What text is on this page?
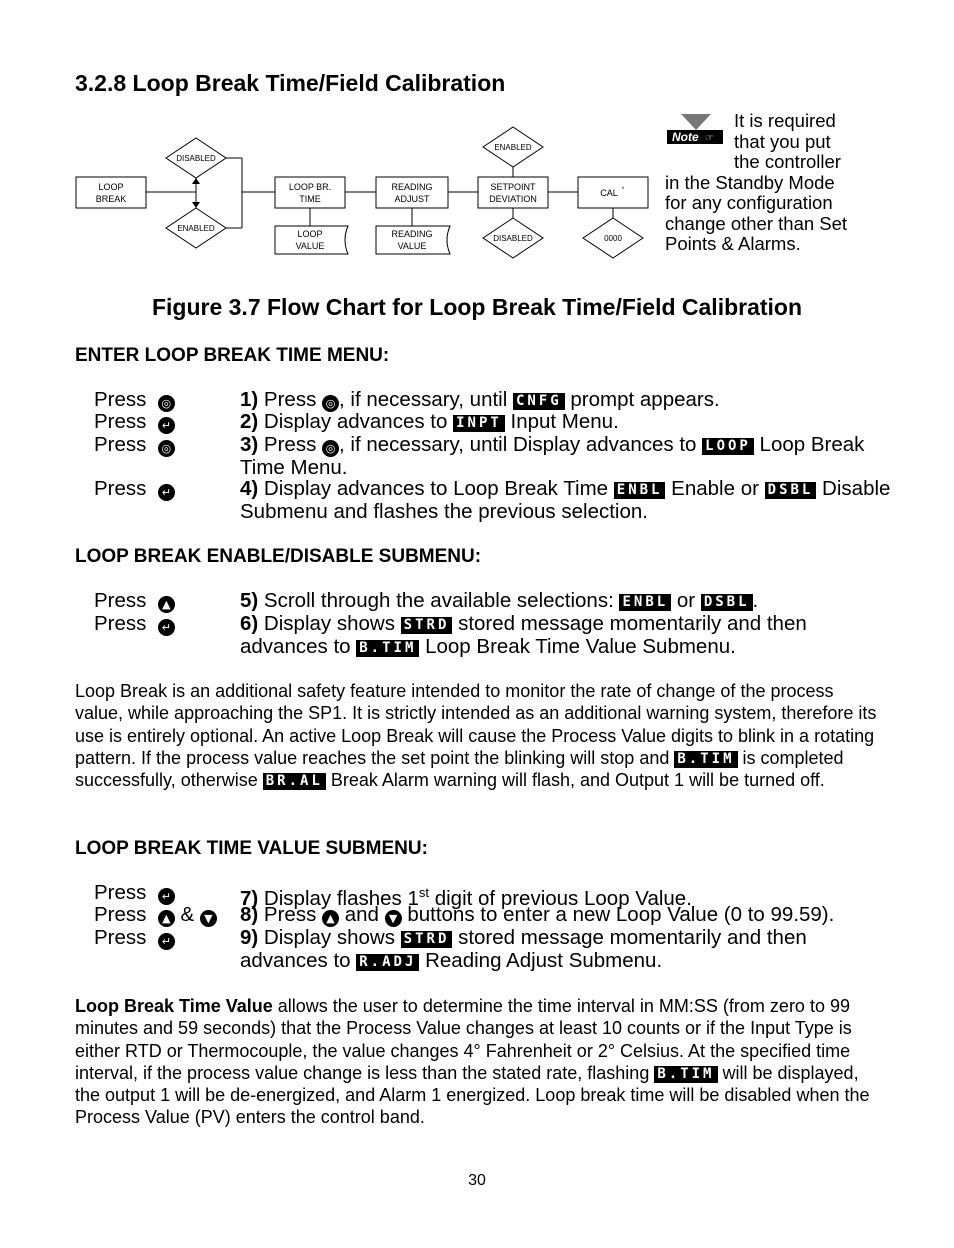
3.2.8 Loop Break Time/Field Calibration
LOOP
BREAK
DISABLED
ENABLED
LOOP BR.
TIME
LOOP
VALUE
READING
ADJUST
READING
VALUE
SETPOINT
DEVIATION
ENABLED
DISABLED
CAL *
0000
Note ☞
It is required
that you put
the controller
in the Standby Mode
for any configuration
change other than Set
Points & Alarms.
Figure 3.7 Flow Chart for Loop Break Time/Field Calibration
ENTER LOOP BREAK TIME MENU:
Press ◎
Press ↵
Press ◎
Press ↵
1) Press ◎ , if necessary, until CNFG prompt appears.
2) Display advances to INPT Input Menu.
3) Press ◎ , if necessary, until Display advances to LOOP Loop Break Time Menu.
4) Display advances to Loop Break Time ENBL Enable or DSBL Disable Submenu and flashes the previous selection.
LOOP BREAK ENABLE/DISABLE SUBMENU:
Press ▲
Press ↵
5) Scroll through the available selections: ENBL or DSBL .
6) Display shows STRD stored message momentarily and then advances to B.TIM Loop Break Time Value Submenu.
Loop Break is an additional safety feature intended to monitor the rate of change of the process value, while approaching the SP1. It is strictly intended as an additional warning system, therefore its use is entirely optional. An active Loop Break will cause the Process Value digits to blink in a rotating pattern. If the process value reaches the set point the blinking will stop and B.TIM is completed successfully, otherwise BR.AL Break Alarm warning will flash, and Output 1 will be turned off.
LOOP BREAK TIME VALUE SUBMENU:
Press ↵
Press ▲ & ▼
Press ↵
7) Display flashes 1st digit of previous Loop Value.
8) Press ▲ and ▼ buttons to enter a new Loop Value (0 to 99.59).
9) Display shows STRD stored message momentarily and then advances to R.ADJ Reading Adjust Submenu.
Loop Break Time Value allows the user to determine the time interval in MM:SS (from zero to 99 minutes and 59 seconds) that the Process Value changes at least 10 counts or if the Input Type is either RTD or Thermocouple, the value changes 4° Fahrenheit or 2° Celsius. At the specified time interval, if the process value change is less than the stated rate, flashing B.TIM will be displayed, the output 1 will be de-energized, and Alarm 1 energized. Loop break time will be disabled when the Process Value (PV) enters the control band.
30
